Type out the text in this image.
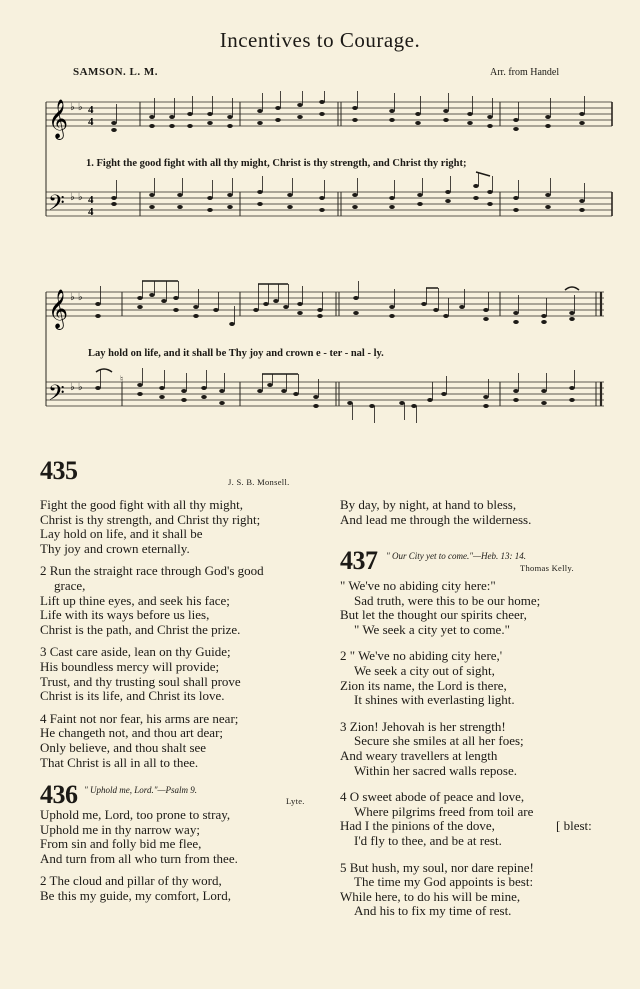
Incentives to Courage.
SAMSON. L. M.	Arr. from Handel
𝄞
𝄢
♭ ♭
♭ ♭
4
4
4
4
1. Fight the good fight with all thy might, Christ is thy strength, and Christ thy right;
𝄞
𝄢
♭ ♭
♭ ♭
♮
Lay hold on life, and it shall be Thy joy and crown e - ter - nal - ly.
435	J. S. B. Monsell.

Fight the good fight with all thy might,
Christ is thy strength, and Christ thy right;
Lay hold on life, and it shall be
Thy joy and crown eternally.

2 Run the straight race through God's good
grace,
Lift up thine eyes, and seek his face;
Life with its ways before us lies,
Christ is the path, and Christ the prize.

3 Cast care aside, lean on thy Guide;
His boundless mercy will provide;
Trust, and thy trusting soul shall prove
Christ is its life, and Christ its love.

4 Faint not nor fear, his arms are near;
He changeth not, and thou art dear;
Only believe, and thou shalt see
That Christ is all in all to thee.

436 " Uphold me, Lord."—Psalm 9.
Lyte.

Uphold me, Lord, too prone to stray,
Uphold me in thy narrow way;
From sin and folly bid me flee,
And turn from all who turn from thee.

2 The cloud and pillar of thy word,
Be this my guide, my comfort, Lord,

By day, by night, at hand to bless,
And lead me through the wilderness.

437 " Our City yet to come."—Heb. 13: 14.
Thomas Kelly.

" We've no abiding city here:"
Sad truth, were this to be our home;
But let the thought our spirits cheer,
" We seek a city yet to come."

2 " We've no abiding city here,'
We seek a city out of sight,
Zion its name, the Lord is there,
It shines with everlasting light.

3 Zion! Jehovah is her strength!
Secure she smiles at all her foes;
And weary travellers at length
Within her sacred walls repose.

4 O sweet abode of peace and love,
Where pilgrims freed from toil are
Had I the pinions of the dove,	[ blest:
I'd fly to thee, and be at rest.

5 But hush, my soul, nor dare repine!
The time my God appoints is best:
While here, to do his will be mine,
And his to fix my time of rest.
